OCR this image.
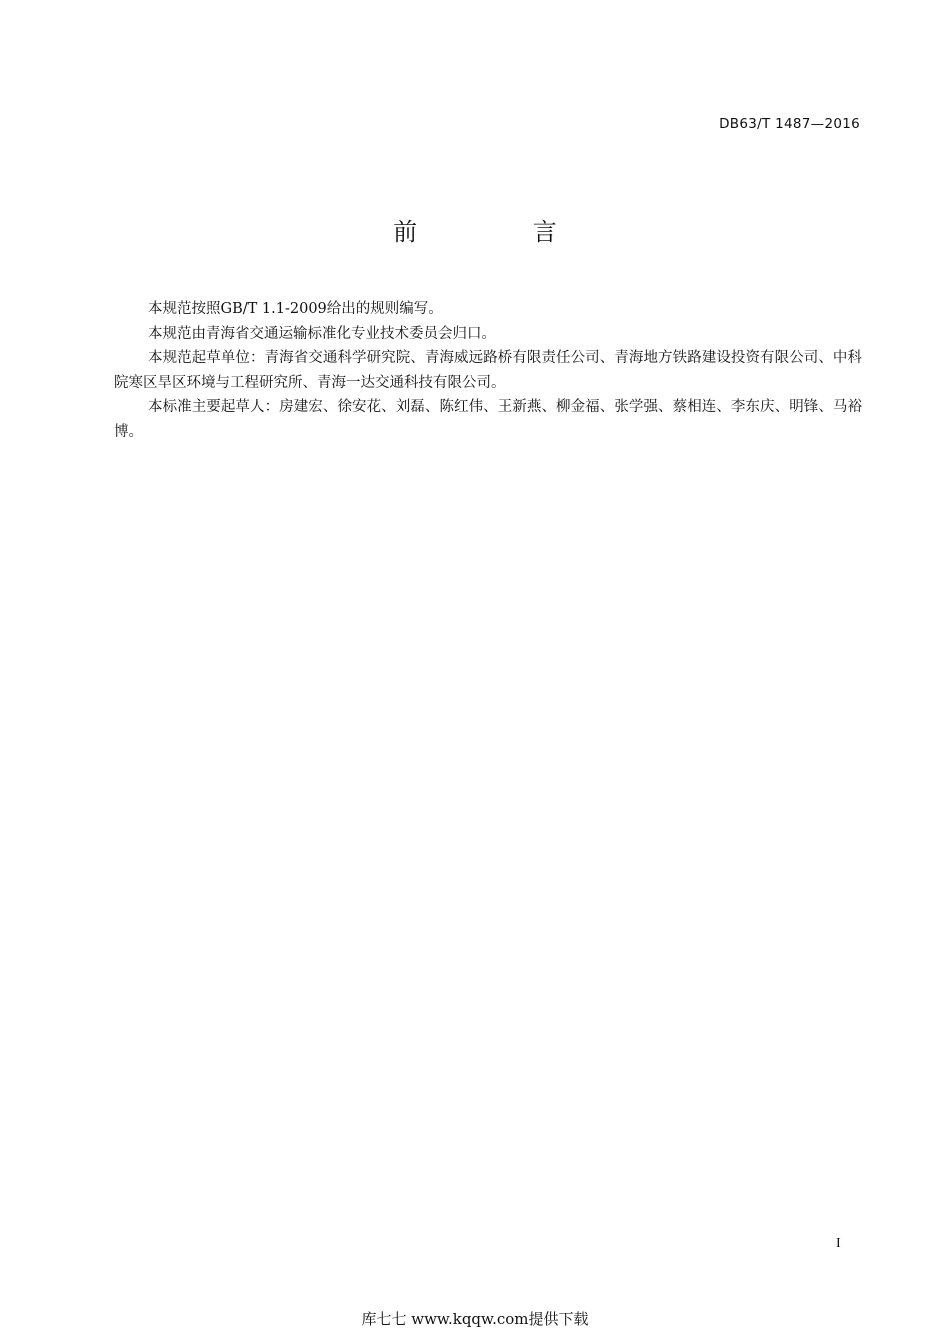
DB63/T 1487—2016
前 言

本规范按照GB/T 1.1-2009给出的规则编写。

本规范由青海省交通运输标准化专业技术委员会归口。

本规范起草单位：青海省交通科学研究院、青海威远路桥有限责任公司、青海地方铁路建设投资有限公司、中科院寒区旱区环境与工程研究所、青海一达交通科技有限公司。

本标准主要起草人：房建宏、徐安花、刘磊、陈红伟、王新燕、柳金福、张学强、蔡相连、李东庆、明锋、马裕博。

I
库七七 www.kqqw.com提供下载
